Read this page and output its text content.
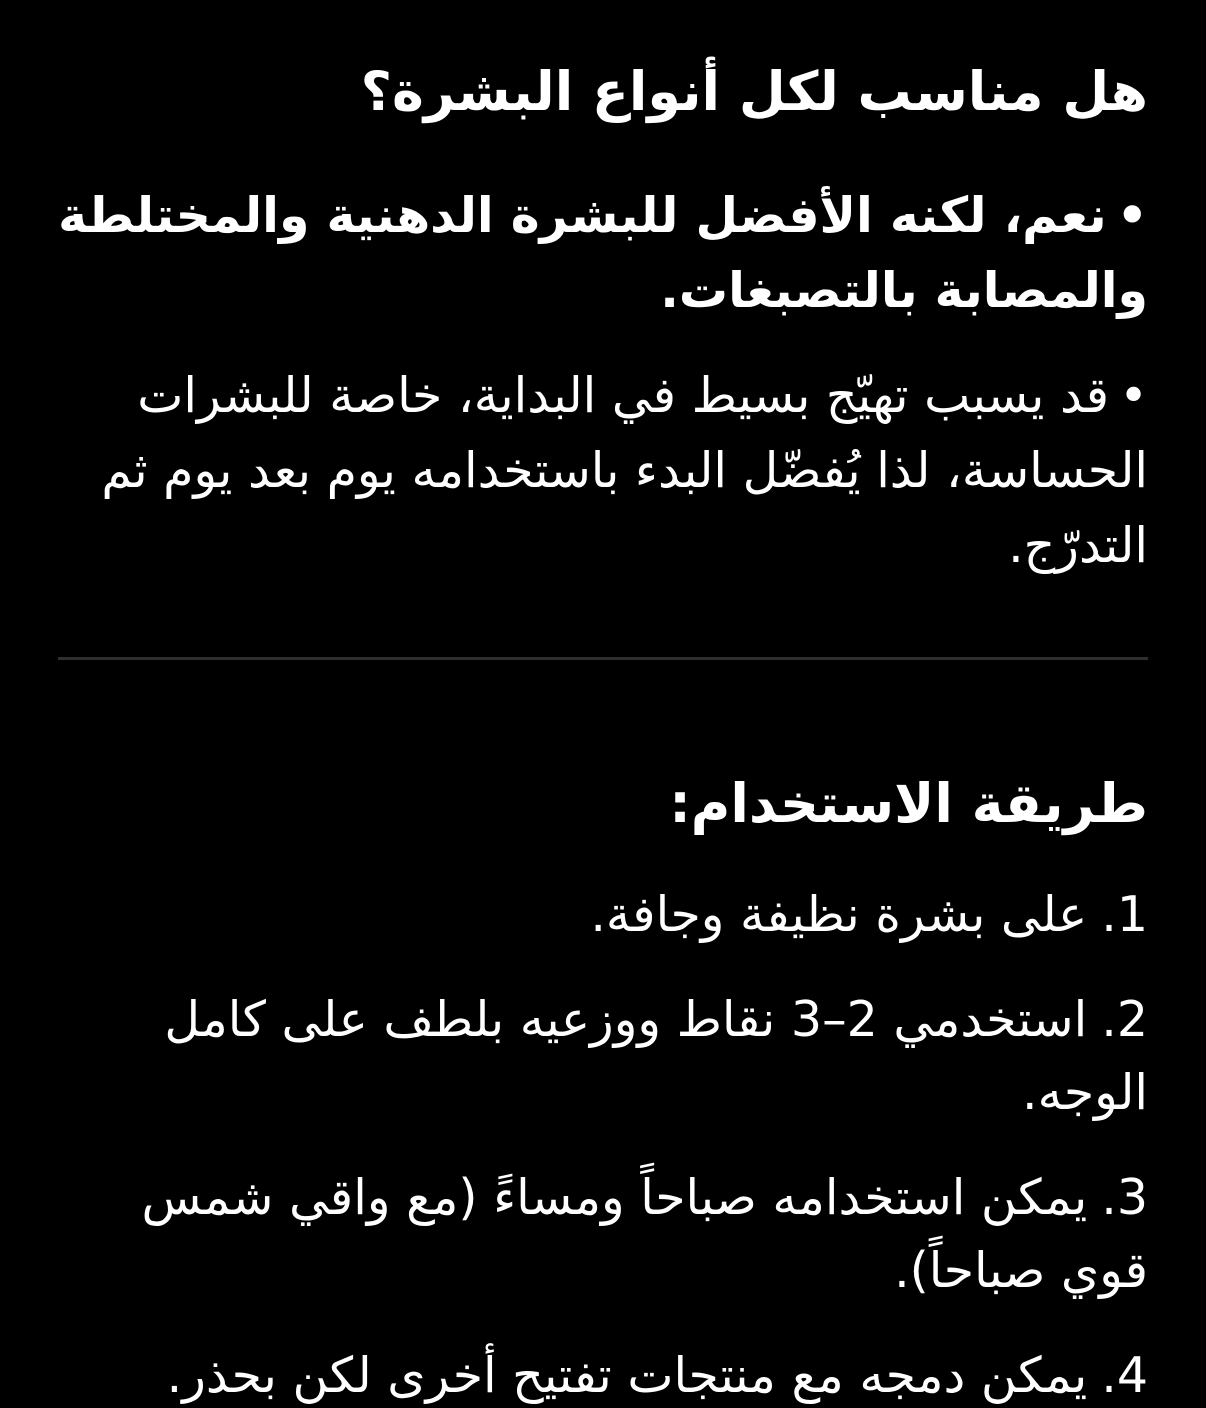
هل مناسب لكل أنواع البشرة؟
•نعم، لكنه الأفضل للبشرة الدهنية والمختلطة والمصابة بالتصبغات.
•قد يسبب تهيّج بسيط في البداية، خاصة للبشرات الحساسة، لذا يُفضّل البدء باستخدامه يوم بعد يوم ثم التدرّج.
طريقة الاستخدام:
1.على بشرة نظيفة وجافة.
2.استخدمي 2–3 نقاط ووزعيه بلطف على كامل الوجه.
3.يمكن استخدامه صباحاً ومساءً (مع واقي شمس قوي صباحاً).
4.يمكن دمجه مع منتجات تفتيح أخرى لكن بحذر.
